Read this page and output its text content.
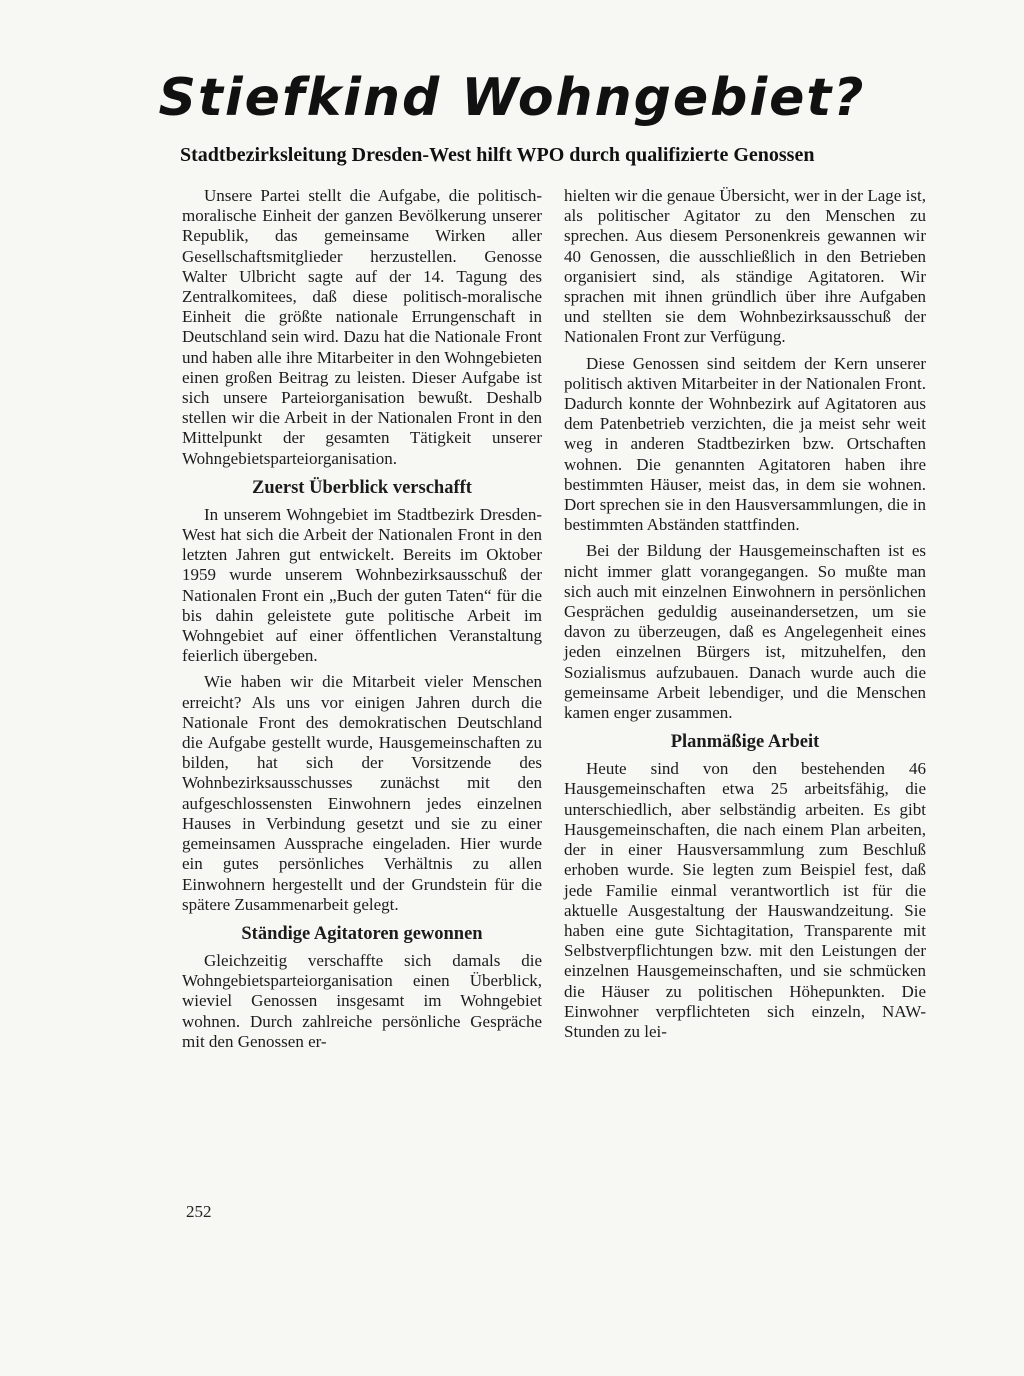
Stiefkind Wohngebiet?
Stadtbezirksleitung Dresden-West hilft WPO durch qualifizierte Genossen

Unsere Partei stellt die Aufgabe, die politisch-moralische Einheit der ganzen Bevölkerung unserer Republik, das gemeinsame Wirken aller Gesellschaftsmitglieder herzustellen. Genosse Walter Ulbricht sagte auf der 14. Tagung des Zentralkomitees, daß diese politisch-moralische Einheit die größte nationale Errungenschaft in Deutschland sein wird. Dazu hat die Nationale Front und haben alle ihre Mitarbeiter in den Wohngebieten einen großen Beitrag zu leisten. Dieser Aufgabe ist sich unsere Parteiorganisation bewußt. Deshalb stellen wir die Arbeit in der Nationalen Front in den Mittelpunkt der gesamten Tätigkeit unserer Wohngebietsparteiorganisation.

Zuerst Überblick verschafft

In unserem Wohngebiet im Stadtbezirk Dresden-West hat sich die Arbeit der Nationalen Front in den letzten Jahren gut entwickelt. Bereits im Oktober 1959 wurde unserem Wohnbezirksausschuß der Nationalen Front ein „Buch der guten Taten“ für die bis dahin geleistete gute politische Arbeit im Wohngebiet auf einer öffentlichen Veranstaltung feierlich übergeben.

Wie haben wir die Mitarbeit vieler Menschen erreicht? Als uns vor einigen Jahren durch die Nationale Front des demokratischen Deutschland die Aufgabe gestellt wurde, Hausgemeinschaften zu bilden, hat sich der Vorsitzende des Wohnbezirksausschusses zunächst mit den aufgeschlossensten Einwohnern jedes einzelnen Hauses in Verbindung gesetzt und sie zu einer gemeinsamen Aussprache eingeladen. Hier wurde ein gutes persönliches Verhältnis zu allen Einwohnern hergestellt und der Grundstein für die spätere Zusammenarbeit gelegt.

Ständige Agitatoren gewonnen

Gleichzeitig verschaffte sich damals die Wohngebietsparteiorganisation einen Überblick, wieviel Genossen insgesamt im Wohngebiet wohnen. Durch zahlreiche persönliche Gespräche mit den Genossen er-

hielten wir die genaue Übersicht, wer in der Lage ist, als politischer Agitator zu den Menschen zu sprechen. Aus diesem Personenkreis gewannen wir 40 Genossen, die ausschließlich in den Betrieben organisiert sind, als ständige Agitatoren. Wir sprachen mit ihnen gründlich über ihre Aufgaben und stellten sie dem Wohnbezirksausschuß der Nationalen Front zur Verfügung.

Diese Genossen sind seitdem der Kern unserer politisch aktiven Mitarbeiter in der Nationalen Front. Dadurch konnte der Wohnbezirk auf Agitatoren aus dem Patenbetrieb verzichten, die ja meist sehr weit weg in anderen Stadtbezirken bzw. Ortschaften wohnen. Die genannten Agitatoren haben ihre bestimmten Häuser, meist das, in dem sie wohnen. Dort sprechen sie in den Hausversammlungen, die in bestimmten Abständen stattfinden.

Bei der Bildung der Hausgemeinschaften ist es nicht immer glatt vorangegangen. So mußte man sich auch mit einzelnen Einwohnern in persönlichen Gesprächen geduldig auseinandersetzen, um sie davon zu überzeugen, daß es Angelegenheit eines jeden einzelnen Bürgers ist, mitzuhelfen, den Sozialismus aufzubauen. Danach wurde auch die gemeinsame Arbeit lebendiger, und die Menschen kamen enger zusammen.

Planmäßige Arbeit

Heute sind von den bestehenden 46 Hausgemeinschaften etwa 25 arbeitsfähig, die unterschiedlich, aber selbständig arbeiten. Es gibt Hausgemeinschaften, die nach einem Plan arbeiten, der in einer Hausversammlung zum Beschluß erhoben wurde. Sie legten zum Beispiel fest, daß jede Familie einmal verantwortlich ist für die aktuelle Ausgestaltung der Hauswandzeitung. Sie haben eine gute Sichtagitation, Transparente mit Selbstverpflichtungen bzw. mit den Leistungen der einzelnen Hausgemeinschaften, und sie schmücken die Häuser zu politischen Höhepunkten. Die Einwohner verpflichteten sich einzeln, NAW-Stunden zu lei-

252
